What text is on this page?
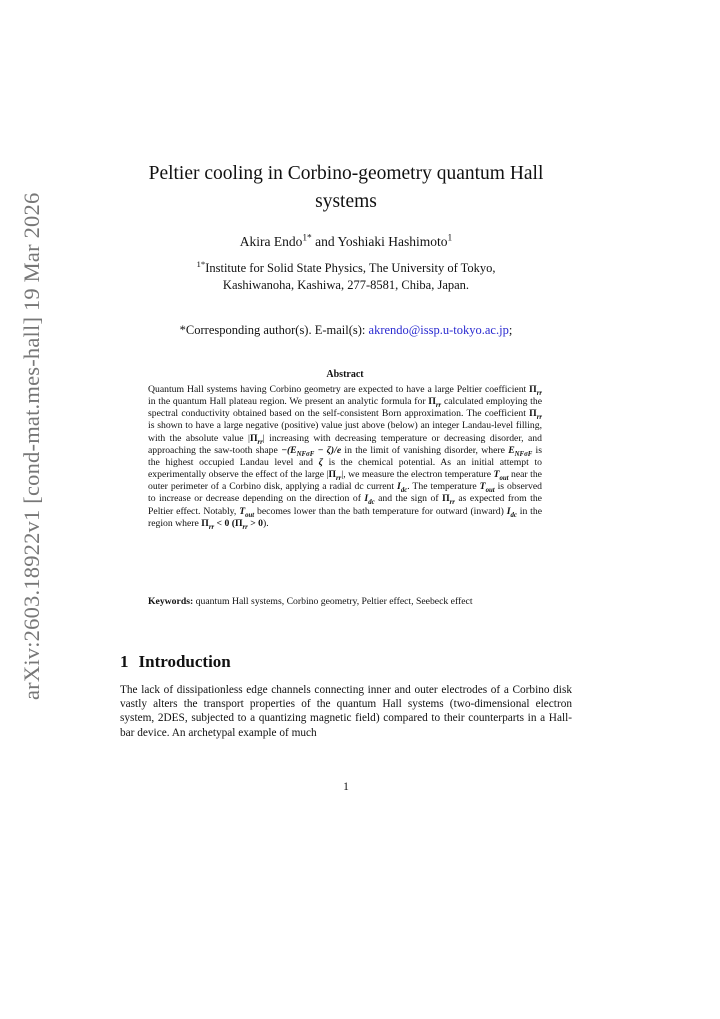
arXiv:2603.18922v1 [cond-mat.mes-hall] 19 Mar 2026
Peltier cooling in Corbino-geometry quantum Hall systems
Akira Endo$^{1*}$ and Yoshiaki Hashimoto$^1$
$^{1*}$Institute for Solid State Physics, The University of Tokyo,
Kashiwanoha, Kashiwa, 277-8581, Chiba, Japan.
*Corresponding author(s). E-mail(s): akrendo@issp.u-tokyo.ac.jp;
Abstract

Quantum Hall systems having Corbino geometry are expected to have a large Peltier coefficient $\Pi_{rr}$ in the quantum Hall plateau region. We present an analytic formula for $\Pi_{rr}$ calculated employing the spectral conductivity obtained based on the self-consistent Born approximation. The coefficient $\Pi_{rr}$ is shown to have a large negative (positive) value just above (below) an integer Landau-level filling, with the absolute value $|\Pi_{rr}|$ increasing with decreasing temperature or decreasing disorder, and approaching the saw-tooth shape $-(E_{NF\sigma F} - \zeta)/e$ in the limit of vanishing disorder, where $E_{NF\sigma F}$ is the highest occupied Landau level and ζ is the chemical potential. As an initial attempt to experimentally observe the effect of the large $|\Pi_{rr}|$, we measure the electron temperature $T_{out}$ near the outer perimeter of a Corbino disk, applying a radial dc current $I_{dc}$. The temperature $T_{out}$ is observed to increase or decrease depending on the direction of $I_{dc}$ and the sign of $\Pi_{rr}$ as expected from the Peltier effect. Notably, $T_{out}$ becomes lower than the bath temperature for outward (inward) $I_{dc}$ in the region where $\Pi_{rr} < 0$ $(\Pi_{rr} > 0)$.

Keywords: quantum Hall systems, Corbino geometry, Peltier effect, Seebeck effect
1 Introduction

The lack of dissipationless edge channels connecting inner and outer electrodes of a Corbino disk vastly alters the transport properties of the quantum Hall systems (two-dimensional electron system, 2DES, subjected to a quantizing magnetic field) compared to their counterparts in a Hall-bar device. An archetypal example of much

1
